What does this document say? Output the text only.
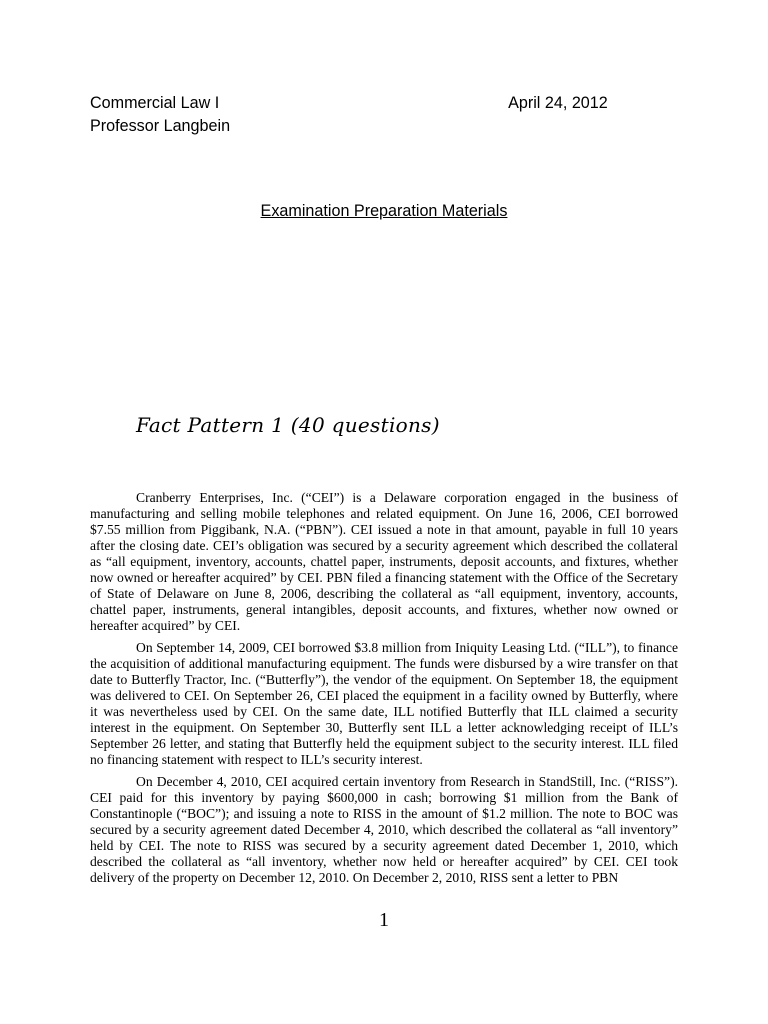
Commercial Law I	April 24, 2012
Professor Langbein
Examination Preparation Materials
Fact Pattern 1 (40 questions)

Cranberry Enterprises, Inc. (“CEI”) is a Delaware corporation engaged in the business of manufacturing and selling mobile telephones and related equipment. On June 16, 2006, CEI borrowed $7.55 million from Piggibank, N.A. (“PBN”). CEI issued a note in that amount, payable in full 10 years after the closing date. CEI’s obligation was secured by a security agreement which described the collateral as “all equipment, inventory, accounts, chattel paper, instruments, deposit accounts, and fixtures, whether now owned or hereafter acquired” by CEI. PBN filed a financing statement with the Office of the Secretary of State of Delaware on June 8, 2006, describing the collateral as “all equipment, inventory, accounts, chattel paper, instruments, general intangibles, deposit accounts, and fixtures, whether now owned or hereafter acquired” by CEI.

On September 14, 2009, CEI borrowed $3.8 million from Iniquity Leasing Ltd. (“ILL”), to finance the acquisition of additional manufacturing equipment. The funds were disbursed by a wire transfer on that date to Butterfly Tractor, Inc. (“Butterfly”), the vendor of the equipment. On September 18, the equipment was delivered to CEI. On September 26, CEI placed the equipment in a facility owned by Butterfly, where it was nevertheless used by CEI. On the same date, ILL notified Butterfly that ILL claimed a security interest in the equipment. On September 30, Butterfly sent ILL a letter acknowledging receipt of ILL’s September 26 letter, and stating that Butterfly held the equipment subject to the security interest. ILL filed no financing statement with respect to ILL’s security interest.

On December 4, 2010, CEI acquired certain inventory from Research in StandStill, Inc. (“RISS”). CEI paid for this inventory by paying $600,000 in cash; borrowing $1 million from the Bank of Constantinople (“BOC”); and issuing a note to RISS in the amount of $1.2 million. The note to BOC was secured by a security agreement dated December 4, 2010, which described the collateral as “all inventory” held by CEI. The note to RISS was secured by a security agreement dated December 1, 2010, which described the collateral as “all inventory, whether now held or hereafter acquired” by CEI. CEI took delivery of the property on December 12, 2010. On December 2, 2010, RISS sent a letter to PBN

1
